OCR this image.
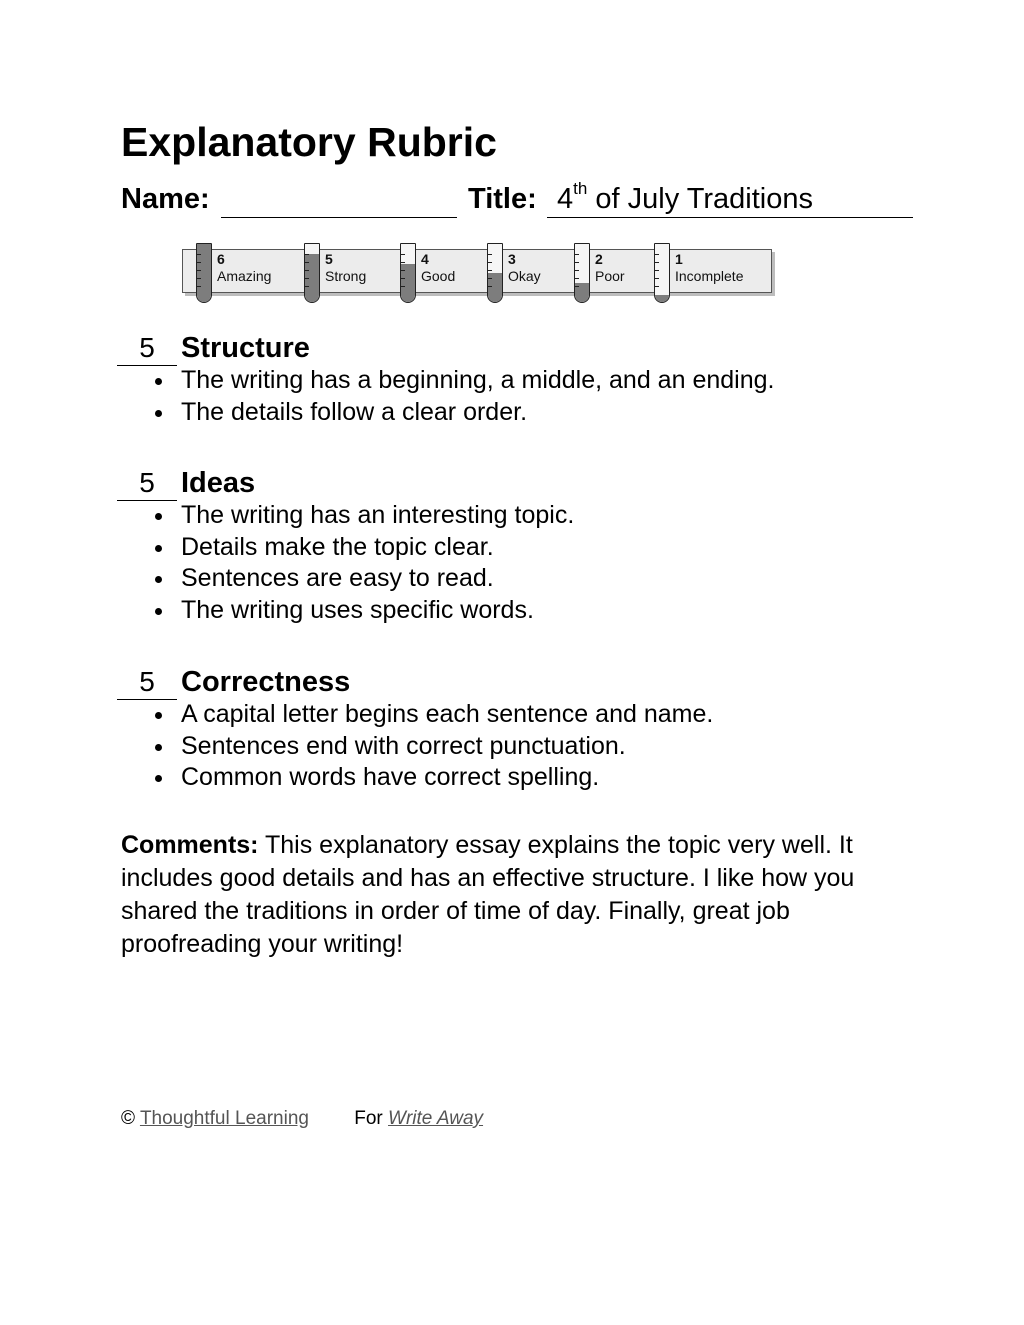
Explanatory Rubric
Name:	Title: 4th of July Traditions
6
Amazing
5
Strong
4
Good
3
Okay
2
Poor
1
Incomplete
5 Structure
The writing has a beginning, a middle, and an ending.
The details follow a clear order.
5 Ideas
The writing has an interesting topic.
Details make the topic clear.
Sentences are easy to read.
The writing uses specific words.
5 Correctness
A capital letter begins each sentence and name.
Sentences end with correct punctuation.
Common words have correct spelling.

Comments: This explanatory essay explains the topic very well. It includes good details and has an effective structure. I like how you shared the traditions in order of time of day. Finally, great job proofreading your writing!

© Thoughtful Learning For Write Away
